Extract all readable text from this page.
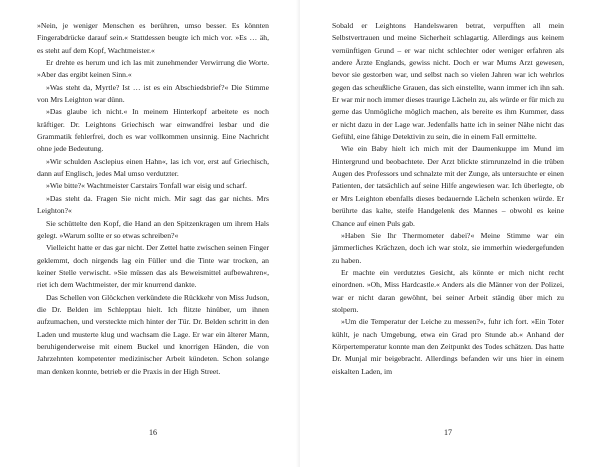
»Nein, je weniger Menschen es berühren, umso besser. Es könnten Fingerabdrücke darauf sein.« Stattdessen beugte ich mich vor. »Es … äh, es steht auf dem Kopf, Wachtmeister.«

Er drehte es herum und ich las mit zunehmender Verwirrung die Worte. »Aber das ergibt keinen Sinn.«

»Was steht da, Myrtle? Ist … ist es ein Abschiedsbrief?« Die Stimme von Mrs Leighton war dünn.

»Das glaube ich nicht.« In meinem Hinterkopf arbeitete es noch kräftiger. Dr. Leightons Griechisch war einwandfrei lesbar und die Grammatik fehlerfrei, doch es war vollkommen unsinnig. Eine Nachricht ohne jede Bedeutung.

»Wir schulden Asclepius einen Hahn«, las ich vor, erst auf Griechisch, dann auf Englisch, jedes Mal umso verdutzter.

»Wie bitte?« Wachtmeister Carstairs Tonfall war eisig und scharf.

»Das steht da. Fragen Sie nicht mich. Mir sagt das gar nichts. Mrs Leighton?«

Sie schüttelte den Kopf, die Hand an den Spitzenkragen um ihrem Hals gelegt. »Warum sollte er so etwas schreiben?«

Vielleicht hatte er das gar nicht. Der Zettel hatte zwischen seinen Finger geklemmt, doch nirgends lag ein Füller und die Tinte war trocken, an keiner Stelle verwischt. »Sie müssen das als Beweismittel aufbewahren«, riet ich dem Wachtmeister, der mir knurrend dankte.

Das Schellen von Glöckchen verkündete die Rückkehr von Miss Judson, die Dr. Belden im Schlepptau hielt. Ich flitzte hinüber, um ihnen aufzumachen, und versteckte mich hinter der Tür. Dr. Belden schritt in den Laden und musterte klug und wachsam die Lage. Er war ein älterer Mann, beruhigenderweise mit einem Buckel und knorrigen Händen, die von Jahrzehnten kompetenter medizinischer Arbeit kündeten. Schon solange man denken konnte, betrieb er die Praxis in der High Street.

16

Sobald er Leightons Handelswaren betrat, verpufften all mein Selbstvertrauen und meine Sicherheit schlagartig. Allerdings aus keinem vernünftigen Grund – er war nicht schlechter oder weniger erfahren als andere Ärzte Englands, gewiss nicht. Doch er war Mums Arzt gewesen, bevor sie gestorben war, und selbst nach so vielen Jahren war ich wehrlos gegen das scheußliche Grauen, das sich einstellte, wann immer ich ihn sah. Er war mir noch immer dieses traurige Lächeln zu, als würde er für mich zu gerne das Unmögliche möglich machen, als bereite es ihm Kummer, dass er nicht dazu in der Lage war. Jedenfalls hatte ich in seiner Nähe nicht das Gefühl, eine fähige Detektivin zu sein, die in einem Fall ermittelte.

Wie ein Baby hielt ich mich mit der Daumenkuppe im Mund im Hintergrund und beobachtete. Der Arzt blickte stirnrunzelnd in die trüben Augen des Professors und schnalzte mit der Zunge, als untersuchte er einen Patienten, der tatsächlich auf seine Hilfe angewiesen war. Ich überlegte, ob er Mrs Leighton ebenfalls dieses bedauernde Lächeln schenken würde. Er berührte das kalte, steife Handgelenk des Mannes – obwohl es keine Chance auf einen Puls gab.

»Haben Sie Ihr Thermometer dabei?« Meine Stimme war ein jämmerliches Krächzen, doch ich war stolz, sie immerhin wiedergefunden zu haben.

Er machte ein verdutztes Gesicht, als könnte er mich nicht recht einordnen. »Oh, Miss Hardcastle.« Anders als die Männer von der Polizei, war er nicht daran gewöhnt, bei seiner Arbeit ständig über mich zu stolpern.

»Um die Temperatur der Leiche zu messen?«, fuhr ich fort. »Ein Toter kühlt, je nach Umgebung, etwa ein Grad pro Stunde ab.« Anhand der Körpertemperatur konnte man den Zeitpunkt des Todes schätzen. Das hatte Dr. Munjal mir beigebracht. Allerdings befanden wir uns hier in einem eiskalten Laden, im

17
